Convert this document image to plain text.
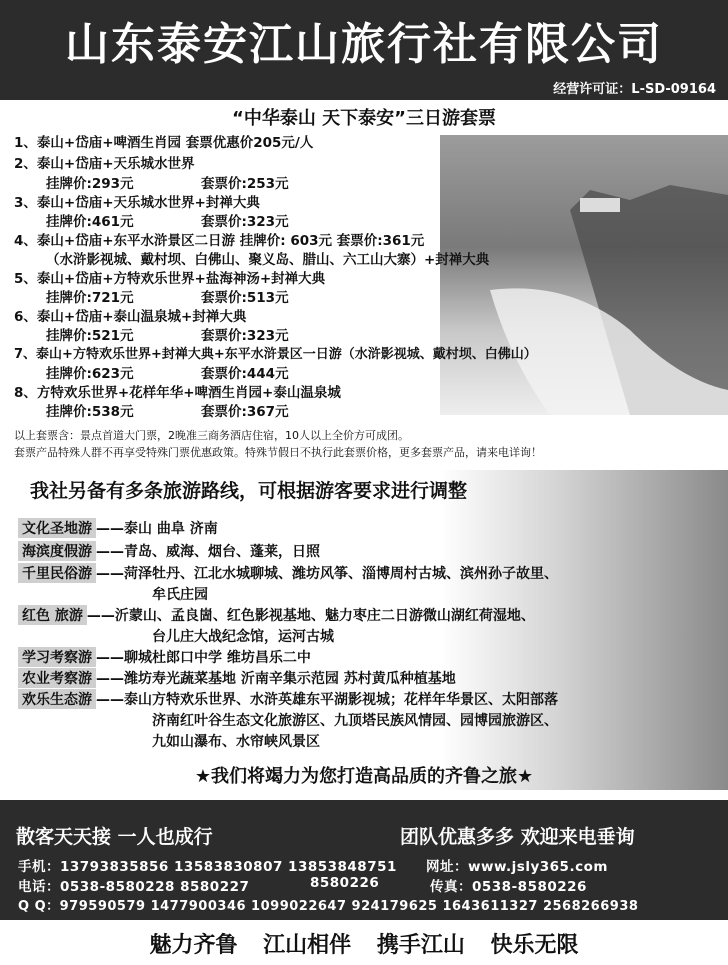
山东泰安江山旅行社有限公司
经营许可证：L-SD-09164
“中华泰山 天下泰安”三日游套票
1、泰山+岱庙+啤酒生肖园 套票优惠价205元/人
2、泰山+岱庙+天乐城水世界
挂牌价:293元	套票价:253元
3、泰山+岱庙+天乐城水世界+封禅大典
挂牌价:461元	套票价:323元
4、泰山+岱庙+东平水浒景区二日游 挂牌价: 603元 套票价:361元
（水浒影视城、戴村坝、白佛山、聚义岛、腊山、六工山大寨）+封禅大典
5、泰山+岱庙+方特欢乐世界+盐海神汤+封禅大典
挂牌价:721元	套票价:513元
6、泰山+岱庙+泰山温泉城+封禅大典
挂牌价:521元	套票价:323元
7、泰山+方特欢乐世界+封禅大典+东平水浒景区一日游（水浒影视城、戴村坝、白佛山）
挂牌价:623元	套票价:444元
8、方特欢乐世界+花样年华+啤酒生肖园+泰山温泉城
挂牌价:538元	套票价:367元
以上套票含：景点首道大门票，2晚准三商务酒店住宿，10人以上全价方可成团。
套票产品特殊人群不再享受特殊门票优惠政策。特殊节假日不执行此套票价格，更多套票产品，请来电详询！
我社另备有多条旅游路线，可根据游客要求进行调整
文化圣地游 ——泰山 曲阜 济南
海滨度假游 ——青岛、威海、烟台、蓬莱，日照
千里民俗游 ——菏泽牡丹、江北水城聊城、潍坊风筝、淄博周村古城、滨州孙子故里、
牟氏庄园
红色 旅游 ——沂蒙山、孟良崮、红色影视基地、魅力枣庄二日游微山湖红荷湿地、
台儿庄大战纪念馆，运河古城
学习考察游 ——聊城杜郎口中学 维坊昌乐二中
农业考察游 ——潍坊寿光蔬菜基地 沂南辛集示范园 苏村黄瓜种植基地
欢乐生态游 ——泰山方特欢乐世界、水浒英雄东平湖影视城；花样年华景区、太阳部落
济南红叶谷生态文化旅游区、九顶塔民族风情园、园博园旅游区、
九如山瀑布、水帘峡风景区
★我们将竭力为您打造高品质的齐鲁之旅★
散客天天接 一人也成行	团队优惠多多 欢迎来电垂询
手机：13793835856 13583830807 13853848751 网址：www.jsly365.com
电话：0538-8580228 8580227	8580226	传真：0538-8580226
Q Q：979590579 1477900346 1099022647 924179625 1643611327 2568266938
魅力齐鲁 江山相伴 携手江山 快乐无限
